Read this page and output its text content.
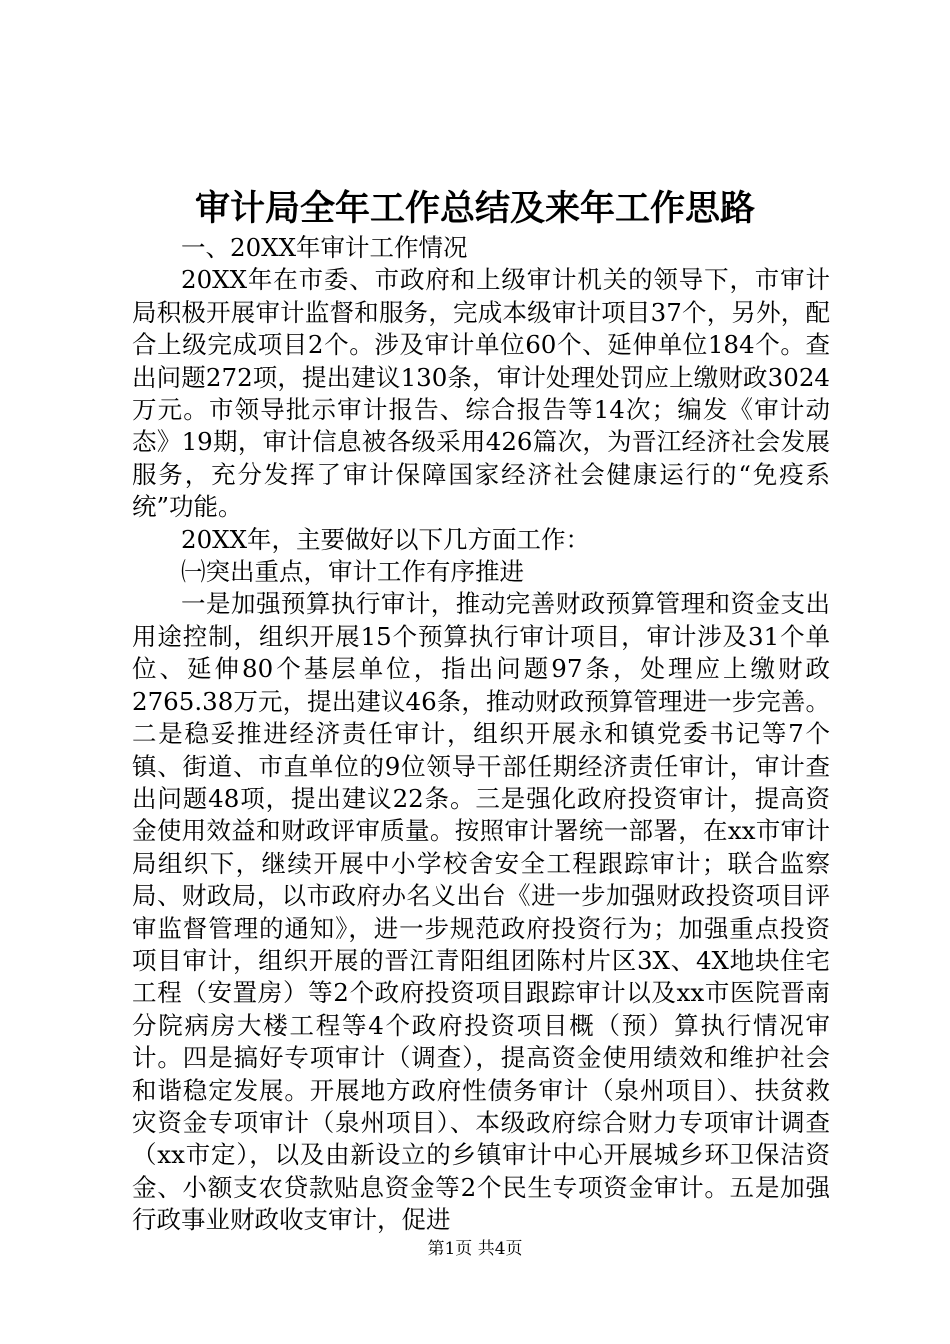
审计局全年工作总结及来年工作思路

一、20XX年审计工作情况

20XX年在市委、市政府和上级审计机关的领导下，市审计局积极开展审计监督和服务，完成本级审计项目37个，另外，配合上级完成项目2个。涉及审计单位60个、延伸单位184个。查出问题272项，提出建议130条，审计处理处罚应上缴财政3024万元。市领导批示审计报告、综合报告等14次；编发《审计动态》19期，审计信息被各级采用426篇次，为晋江经济社会发展服务，充分发挥了审计保障国家经济社会健康运行的“免疫系统”功能。

20XX年，主要做好以下几方面工作：

㈠突出重点，审计工作有序推进

一是加强预算执行审计，推动完善财政预算管理和资金支出用途控制，组织开展15个预算执行审计项目，审计涉及31个单位、延伸80个基层单位，指出问题97条，处理应上缴财政2765.38万元，提出建议46条，推动财政预算管理进一步完善。二是稳妥推进经济责任审计，组织开展永和镇党委书记等7个镇、街道、市直单位的9位领导干部任期经济责任审计，审计查出问题48项，提出建议22条。三是强化政府投资审计，提高资金使用效益和财政评审质量。按照审计署统一部署，在xx市审计局组织下，继续开展中小学校舍安全工程跟踪审计；联合监察局、财政局，以市政府办名义出台《进一步加强财政投资项目评审监督管理的通知》，进一步规范政府投资行为；加强重点投资项目审计，组织开展的晋江青阳组团陈村片区3X、4X地块住宅工程（安置房）等2个政府投资项目跟踪审计以及xx市医院晋南分院病房大楼工程等4个政府投资项目概（预）算执行情况审计。四是搞好专项审计（调查），提高资金使用绩效和维护社会和谐稳定发展。开展地方政府性债务审计（泉州项目）、扶贫救灾资金专项审计（泉州项目）、本级政府综合财力专项审计调查（xx市定），以及由新设立的乡镇审计中心开展城乡环卫保洁资金、小额支农贷款贴息资金等2个民生专项资金审计。五是加强行政事业财政收支审计，促进

第1页 共4页
